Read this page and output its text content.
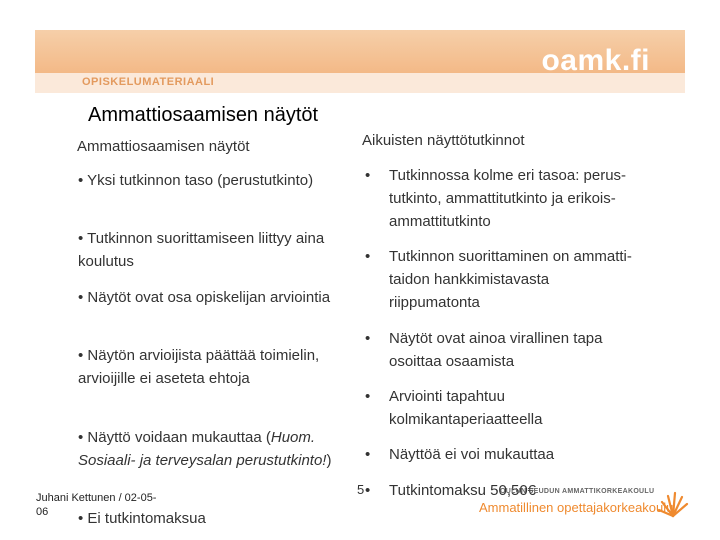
oamk.fi
OPISKELUMATERIAALI
Ammattiosaamisen näytöt
Ammattiosaamisen näytöt
• Yksi tutkinnon taso (perustutkinto)
• Tutkinnon suorittamiseen liittyy aina koulutus
• Näytöt ovat osa opiskelijan arviointia
• Näytön arvioijista päättää toimielin, arvioijille ei aseteta ehtoja
• Näyttö voidaan mukauttaa (Huom. Sosiaali- ja terveysalan perustutkinto!)
• Ei tutkintomaksua
Aikuisten näyttötutkinnot
• Tutkinnossa kolme eri tasoa: perus-tutkinto, ammattitutkinto ja erikois-ammattitutkinto
• Tutkinnon suorittaminen on ammatti-taidon hankkimistavasta riippumatonta
• Näytöt ovat ainoa virallinen tapa osoittaa osaamista
• Arviointi tapahtuu kolmikantaperiaatteella
• Näyttöä ei voi mukauttaa
• Tutkintomaksu 50,50€
Juhani Kettunen / 02-05-06
5	OULUN SEUDUN AMMATTIKORKEAKOULU
Ammatillinen opettajakorkeakoulu
